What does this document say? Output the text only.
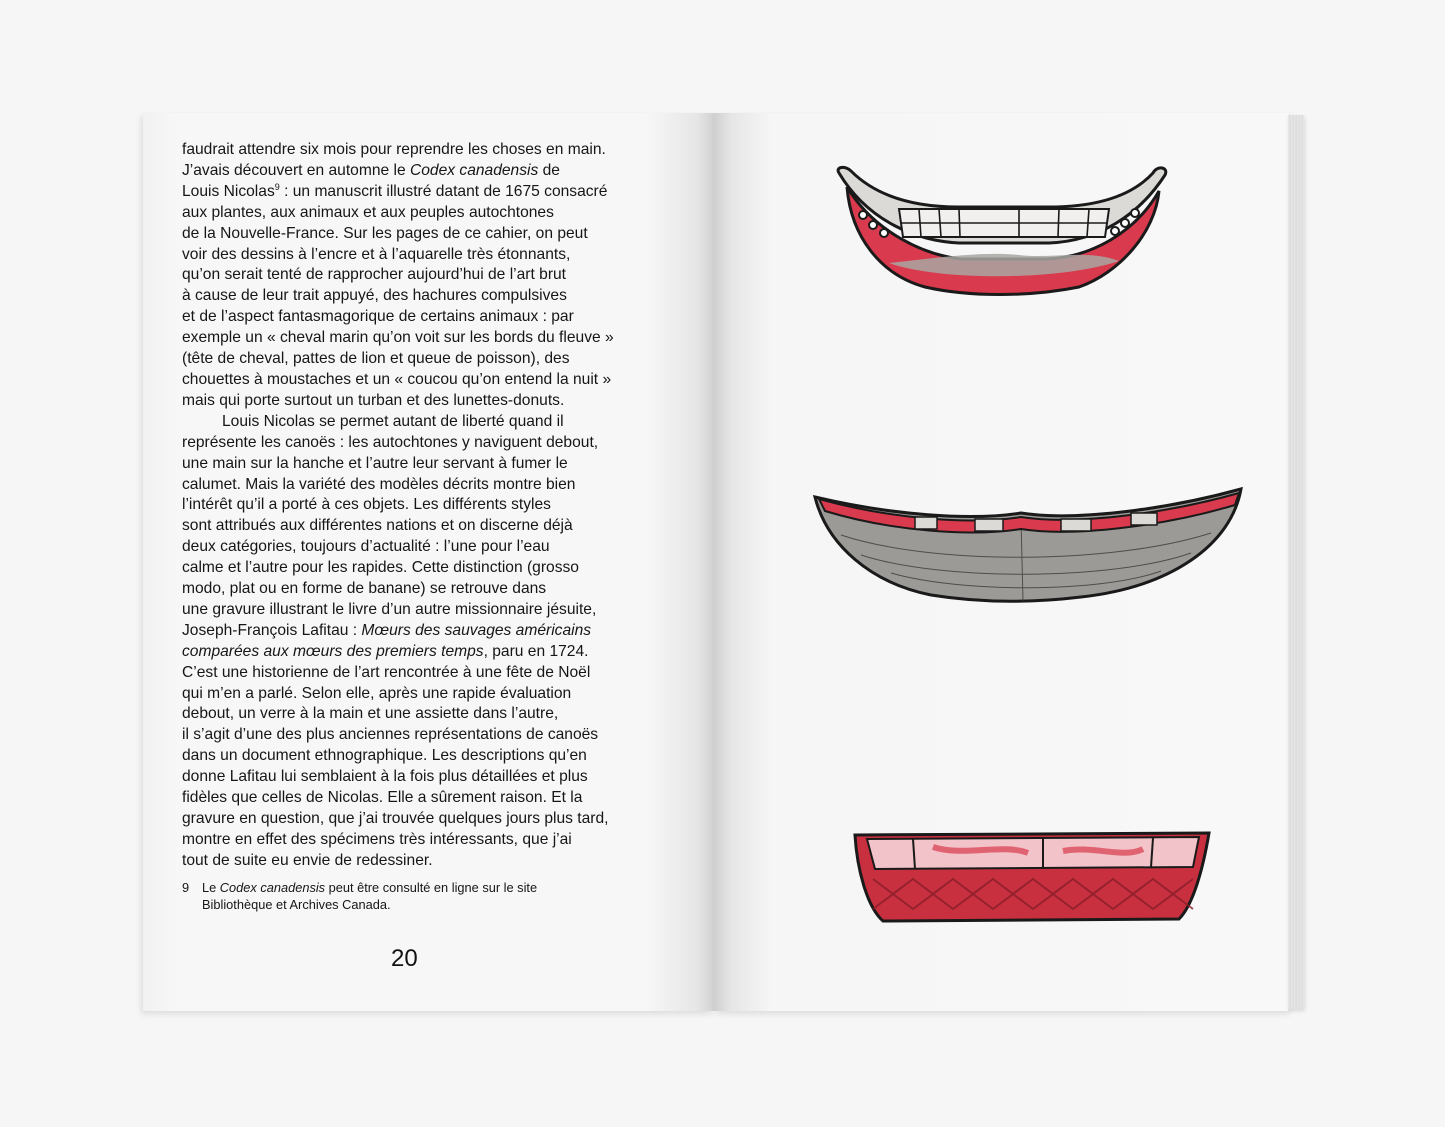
faudrait attendre six mois pour reprendre les choses en main.
J’avais découvert en automne le Codex canadensis de
Louis Nicolas$^9$ : un manuscrit illustré datant de 1675 consacré
aux plantes, aux animaux et aux peuples autochtones
de la Nouvelle-France. Sur les pages de ce cahier, on peut
voir des dessins à l’encre et à l’aquarelle très étonnants,
qu’on serait tenté de rapprocher aujourd’hui de l’art brut
à cause de leur trait appuyé, des hachures compulsives
et de l’aspect fantasmagorique de certains animaux : par
exemple un « cheval marin qu’on voit sur les bords du fleuve »
(tête de cheval, pattes de lion et queue de poisson), des
chouettes à moustaches et un « coucou qu’on entend la nuit »
mais qui porte surtout un turban et des lunettes-donuts.
Louis Nicolas se permet autant de liberté quand il
représente les canoës : les autochtones y naviguent debout,
une main sur la hanche et l’autre leur servant à fumer le
calumet. Mais la variété des modèles décrits montre bien
l’intérêt qu’il a porté à ces objets. Les différents styles
sont attribués aux différentes nations et on discerne déjà
deux catégories, toujours d’actualité : l’une pour l’eau
calme et l’autre pour les rapides. Cette distinction (grosso
modo, plat ou en forme de banane) se retrouve dans
une gravure illustrant le livre d’un autre missionnaire jésuite,
Joseph-François Lafitau : Mœurs des sauvages américains
comparées aux mœurs des premiers temps, paru en 1724.
C’est une historienne de l’art rencontrée à une fête de Noël
qui m’en a parlé. Selon elle, après une rapide évaluation
debout, un verre à la main et une assiette dans l’autre,
il s’agit d’une des plus anciennes représentations de canoës
dans un document ethnographique. Les descriptions qu’en
donne Lafitau lui semblaient à la fois plus détaillées et plus
fidèles que celles de Nicolas. Elle a sûrement raison. Et la
gravure en question, que j’ai trouvée quelques jours plus tard,
montre en effet des spécimens très intéressants, que j’ai
tout de suite eu envie de redessiner.
9 Le Codex canadensis peut être consulté en ligne sur le site
Bibliothèque et Archives Canada.
20
